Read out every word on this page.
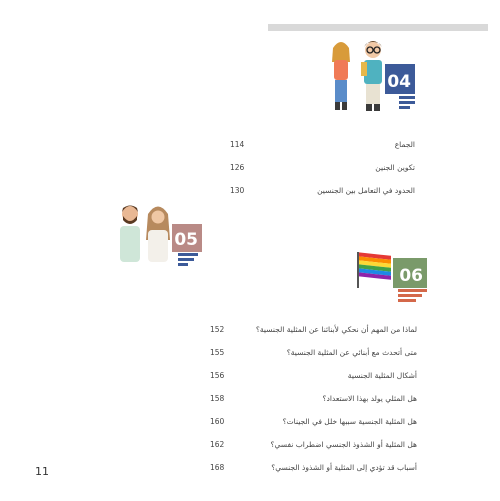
04
الجماع
114
تكوين الجنين
126
الحدود في التعامل بين الجنسين
130
05
06
لماذا من المهم أن نحكي لأبنائنا عن المثلية الجنسية؟
152
متى أتحدث مع أبنائي عن المثلية الجنسية؟
155
أشكال المثلية الجنسية
156
هل المثلي يولد بهذا الاستعداد؟
158
هل المثلية الجنسية سببها خلل في الجينات؟
160
هل المثلية أو الشذوذ الجنسي اضطراب نفسي؟
162
أسباب قد تؤدي إلى المثلية أو الشذوذ الجنسي؟
168
11
